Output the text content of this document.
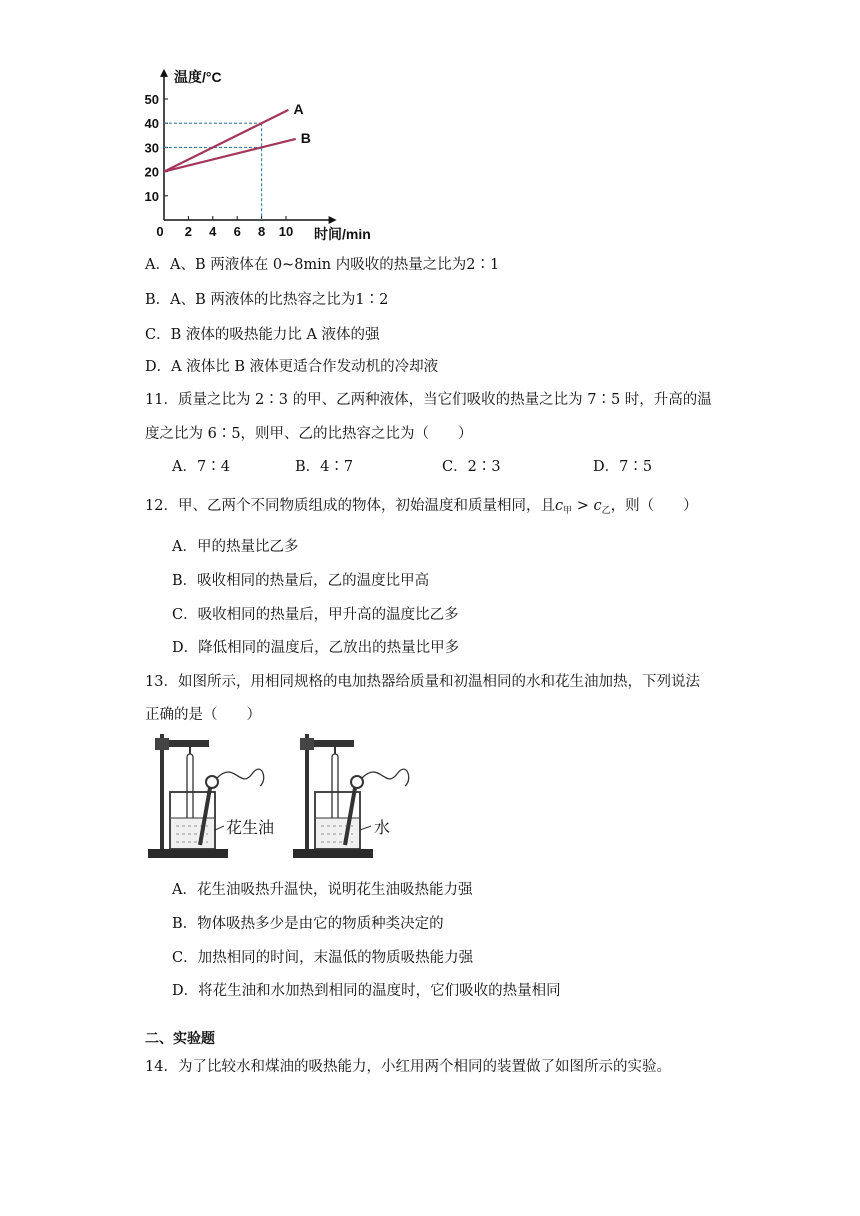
温度/°C
时间/min
0 2 4 6 8 10
10
20
30
40
50
A
B
A．A、B 两液体在 0~8min 内吸收的热量之比为2∶1
B．A、B 两液体的比热容之比为1∶2
C．B 液体的吸热能力比 A 液体的强
D．A 液体比 B 液体更适合作发动机的冷却液
11．质量之比为 2∶3 的甲、乙两种液体，当它们吸收的热量之比为 7∶5 时，升高的温
度之比为 6∶5，则甲、乙的比热容之比为（　　）
A．7∶4	B．4∶7	C．2∶3	D．7∶5
12．甲、乙两个不同物质组成的物体，初始温度和质量相同，且$c_甲 > c_乙$，则（　　）
A．甲的热量比乙多
B．吸收相同的热量后，乙的温度比甲高
C．吸收相同的热量后，甲升高的温度比乙多
D．降低相同的温度后，乙放出的热量比甲多
13．如图所示，用相同规格的电加热器给质量和初温相同的水和花生油加热，下列说法
正确的是（　　）
花生油	水
A．花生油吸热升温快，说明花生油吸热能力强
B．物体吸热多少是由它的物质种类决定的
C．加热相同的时间，末温低的物质吸热能力强
D．将花生油和水加热到相同的温度时，它们吸收的热量相同
二、实验题
14．为了比较水和煤油的吸热能力，小红用两个相同的装置做了如图所示的实验。
